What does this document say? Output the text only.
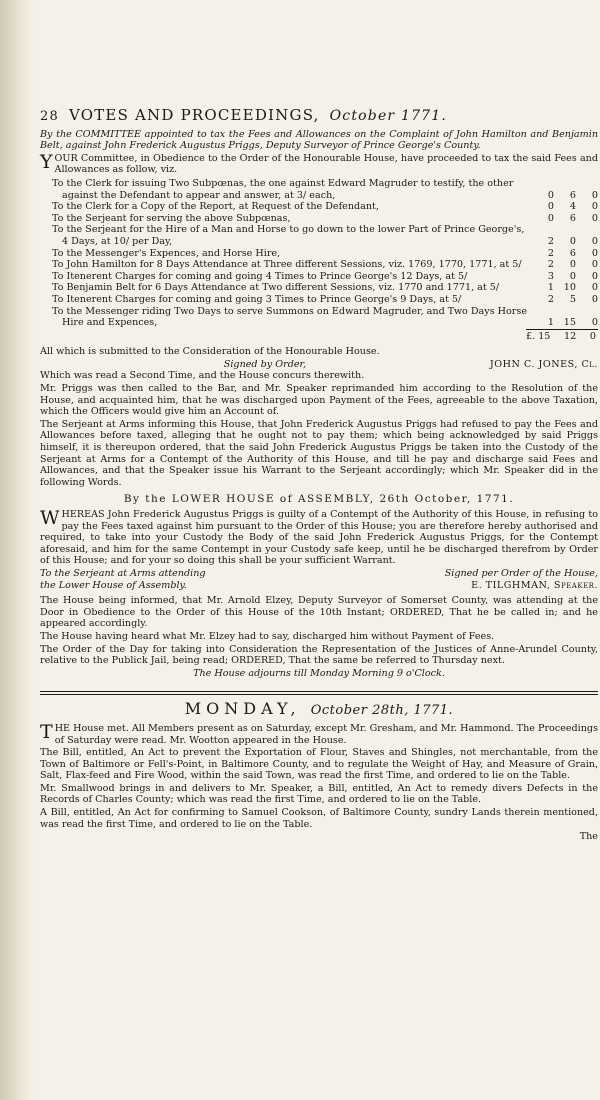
28 VOTES AND PROCEEDINGS, October 1771.

By the COMMITTEE appointed to tax the Fees and Allowances on the Complaint of John Hamilton and Benjamin Belt, against John Frederick Augustus Priggs, Deputy Surveyor of Prince George's County.

YOUR Committee, in Obedience to the Order of the Honourable House, have proceeded to tax the said Fees and Allowances as follow, viz.

To the Clerk for issuing Two Subpœnas, the one against Edward Magruder to testify, the other against the Defendant to appear and answer, at 3/ each,	0	6	0
To the Clerk for a Copy of the Report, at Request of the Defendant,	0	4	0
To the Serjeant for serving the above Subpœnas,	0	6	0
To the Serjeant for the Hire of a Man and Horse to go down to the lower Part of Prince George's, 4 Days, at 10/ per Day,	2	0	0
To the Messenger's Expences, and Horse Hire,	2	6	0
To John Hamilton for 8 Days Attendance at Three different Sessions, viz. 1769, 1770, 1771, at 5/	2	0	0
To Itenerent Charges for coming and going 4 Times to Prince George's 12 Days, at 5/	3	0	0
To Benjamin Belt for 6 Days Attendance at Two different Sessions, viz. 1770 and 1771, at 5/	1	10	0
To Itenerent Charges for coming and going 3 Times to Prince George's 9 Days, at 5/	2	5	0
To the Messenger riding Two Days to serve Summons on Edward Magruder, and Two Days Horse Hire and Expences,	1	15	0
£. 15 12 0

All which is submitted to the Consideration of the Honourable House.

Signed by Order,	JOHN C. JONES, Cl.

Which was read a Second Time, and the House concurs therewith.

Mr. Priggs was then called to the Bar, and Mr. Speaker reprimanded him according to the Resolution of the House, and acquainted him, that he was discharged upon Payment of the Fees, agreeable to the above Taxation, which the Officers would give him an Account of.

The Serjeant at Arms informing this House, that John Frederick Augustus Priggs had refused to pay the Fees and Allowances before taxed, alleging that he ought not to pay them; which being acknowledged by said Priggs himself, it is thereupon ordered, that the said John Frederick Augustus Priggs be taken into the Custody of the Serjeant at Arms for a Contempt of the Authority of this House, and till he pay and discharge said Fees and Allowances, and that the Speaker issue his Warrant to the Serjeant accordingly; which Mr. Speaker did in the following Words.

By the LOWER HOUSE of ASSEMBLY, 26th October, 1771.

WHEREAS John Frederick Augustus Priggs is guilty of a Contempt of the Authority of this House, in refusing to pay the Fees taxed against him pursuant to the Order of this House; you are therefore hereby authorised and required, to take into your Custody the Body of the said John Frederick Augustus Priggs, for the Contempt aforesaid, and him for the same Contempt in your Custody safe keep, until he be discharged therefrom by Order of this House; and for your so doing this shall be your sufficient Warrant.

To the Serjeant at Arms attending	Signed per Order of the House,
the Lower House of Assembly.	E. TILGHMAN, Speaker.

The House being informed, that Mr. Arnold Elzey, Deputy Surveyor of Somerset County, was attending at the Door in Obedience to the Order of this House of the 10th Instant; ORDERED, That he be called in; and he appeared accordingly.

The House having heard what Mr. Elzey had to say, discharged him without Payment of Fees.

The Order of the Day for taking into Consideration the Representation of the Justices of Anne-Arundel County, relative to the Publick Jail, being read; ORDERED, That the same be referred to Thursday next.

The House adjourns till Monday Morning 9 o'Clock.

MONDAY, October 28th, 1771.

THE House met. All Members present as on Saturday, except Mr. Gresham, and Mr. Hammond. The Proceedings of Saturday were read. Mr. Wootton appeared in the House.

The Bill, entitled, An Act to prevent the Exportation of Flour, Staves and Shingles, not merchantable, from the Town of Baltimore or Fell's-Point, in Baltimore County, and to regulate the Weight of Hay, and Measure of Grain, Salt, Flax-feed and Fire Wood, within the said Town, was read the first Time, and ordered to lie on the Table.

Mr. Smallwood brings in and delivers to Mr. Speaker, a Bill, entitled, An Act to remedy divers Defects in the Records of Charles County; which was read the first Time, and ordered to lie on the Table.

A Bill, entitled, An Act for confirming to Samuel Cookson, of Baltimore County, sundry Lands therein mentioned, was read the first Time, and ordered to lie on the Table.

The
